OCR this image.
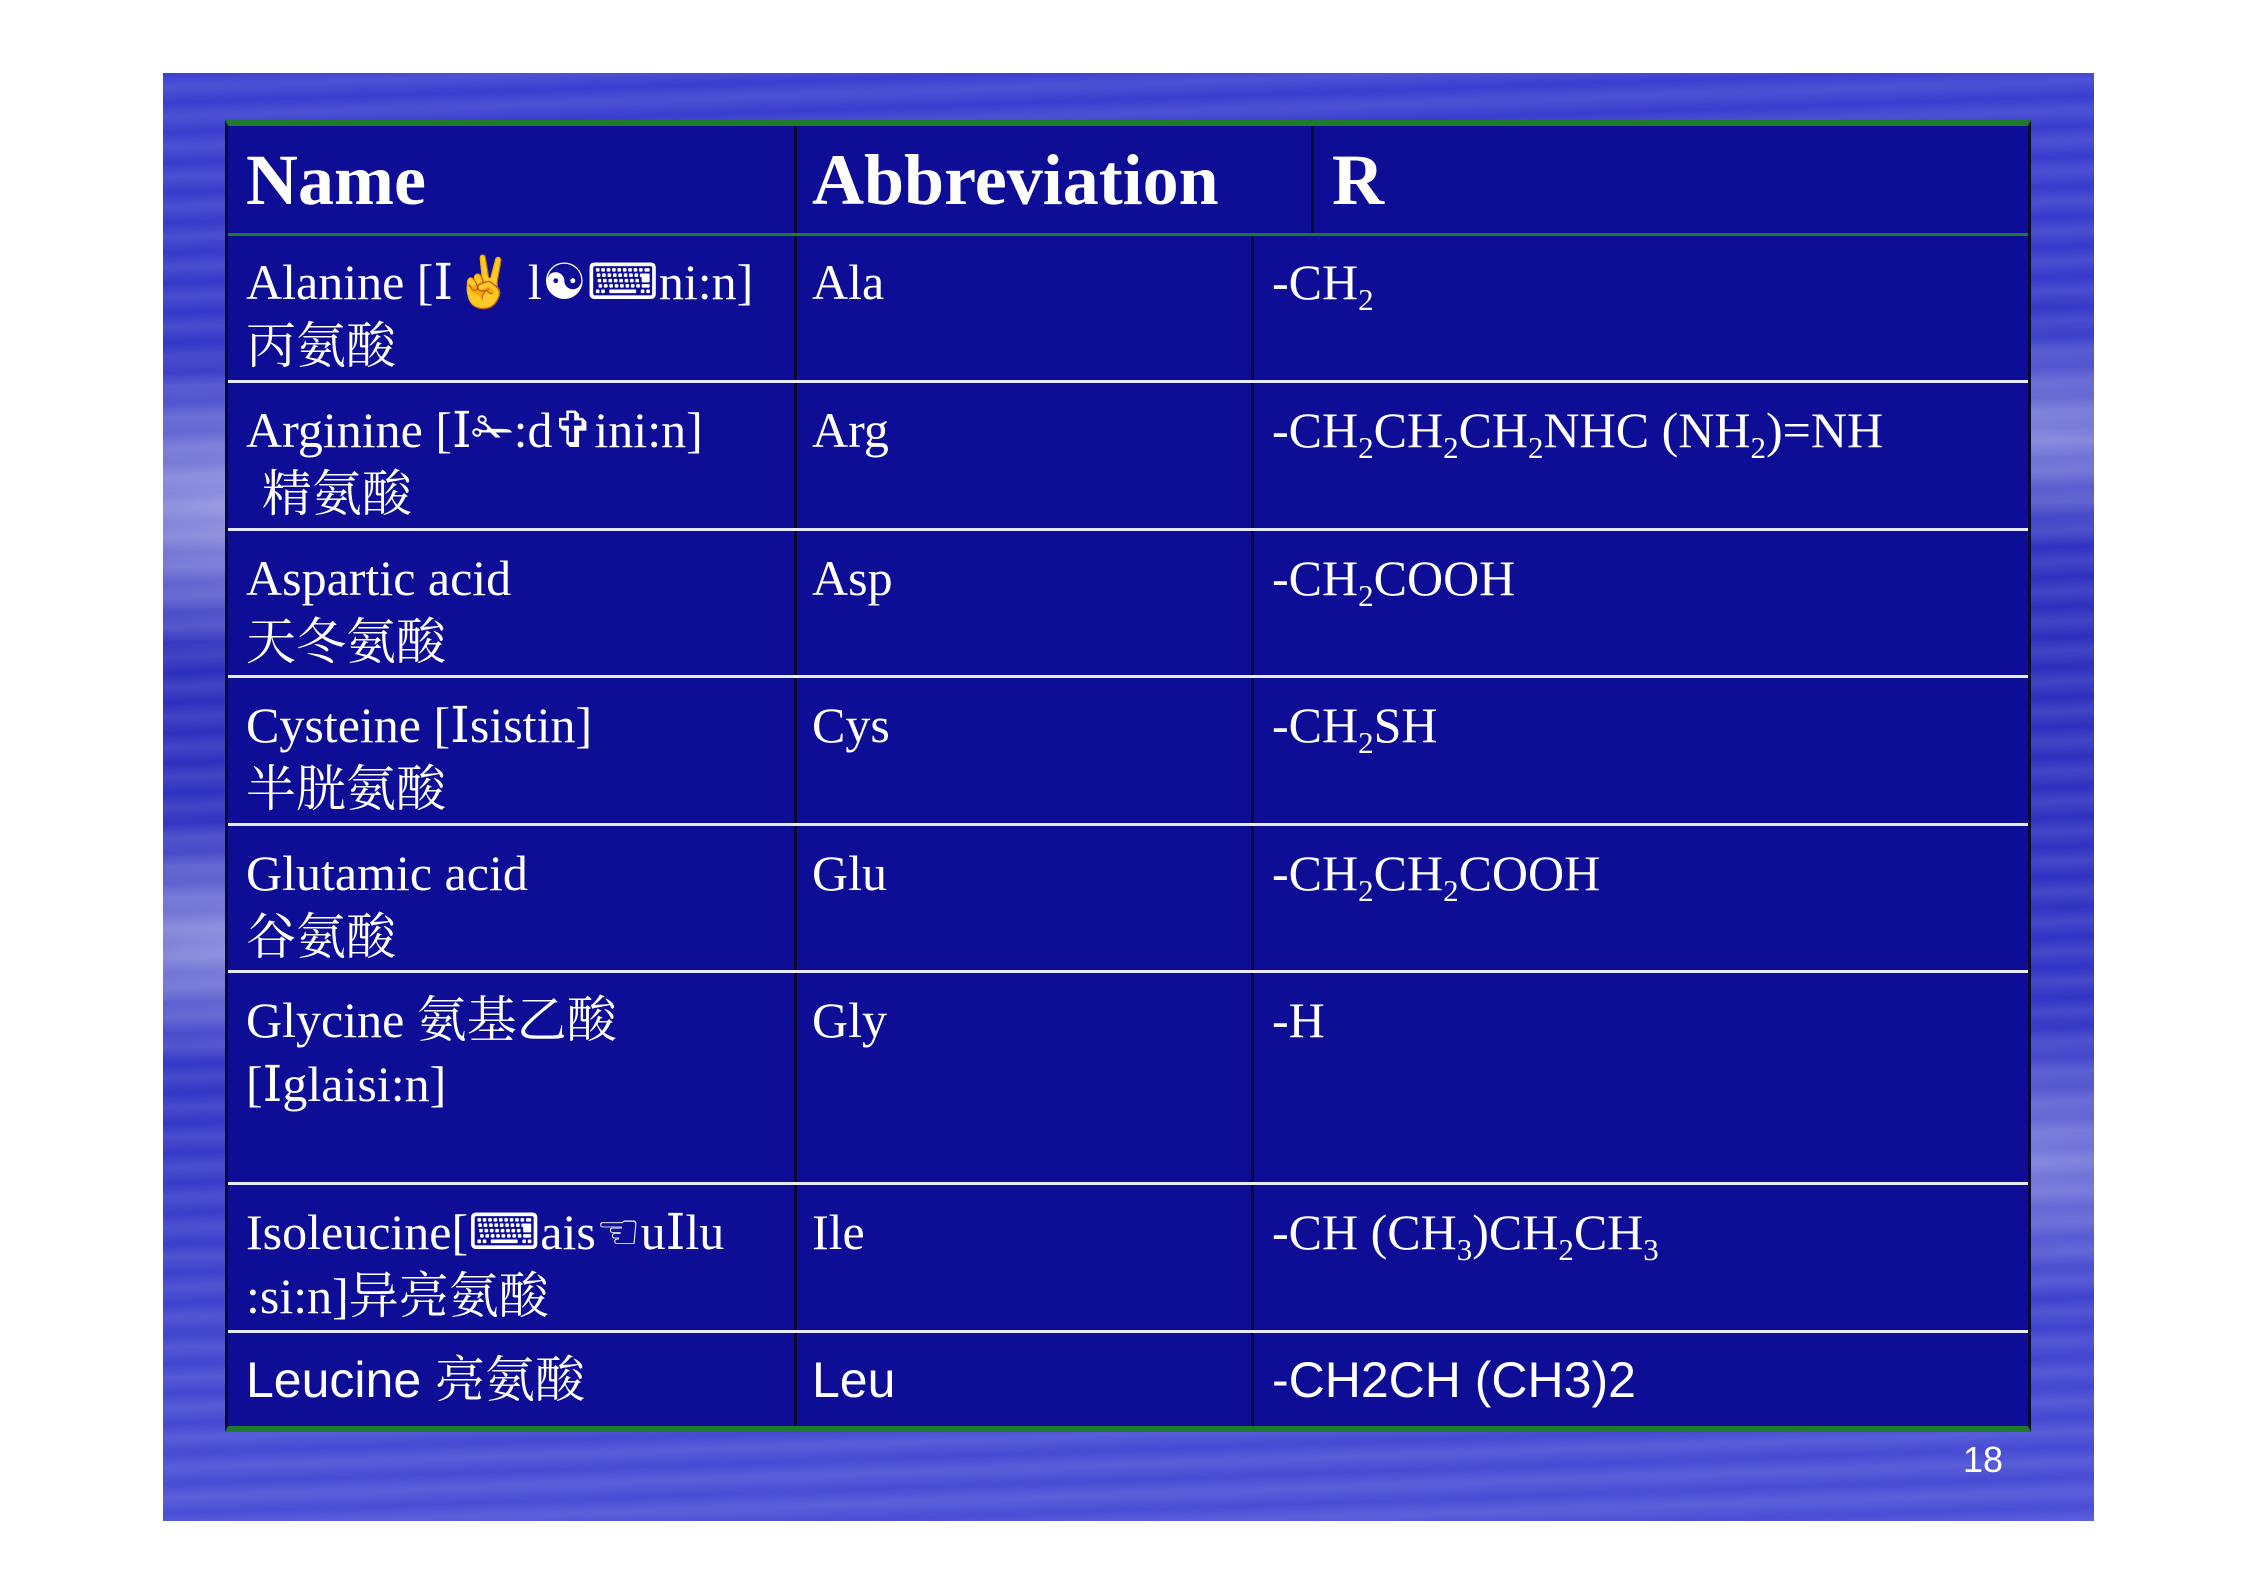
Name	Abbreviation	R
Alanine [Ⅰ✌ l☯⌨ni:n]
丙氨酸
Ala	$-CH_2$
Arginine [Ⅰ✁:d✞ini:n]
精氨酸
Arg	$-CH_2CH_2CH_2NHC$ $(NH_2)=NH$
Aspartic acid
天冬氨酸
Asp	$-CH_2COOH$
Cysteine [Ⅰsistin]
半胱氨酸
Cys	$-CH_2SH$
Glutamic acid
谷氨酸
Glu	$-CH_2CH_2COOH$
Glycine 氨基乙酸
[Ⅰglaisi:n]
Gly	-H
Isoleucine[⌨ais☜uⅠlu
:si:n]异亮氨酸
Ile	-CH $(CH_3)CH_2CH_3$
Leucine 亮氨酸	Leu	-CH2CH (CH3)2
18
